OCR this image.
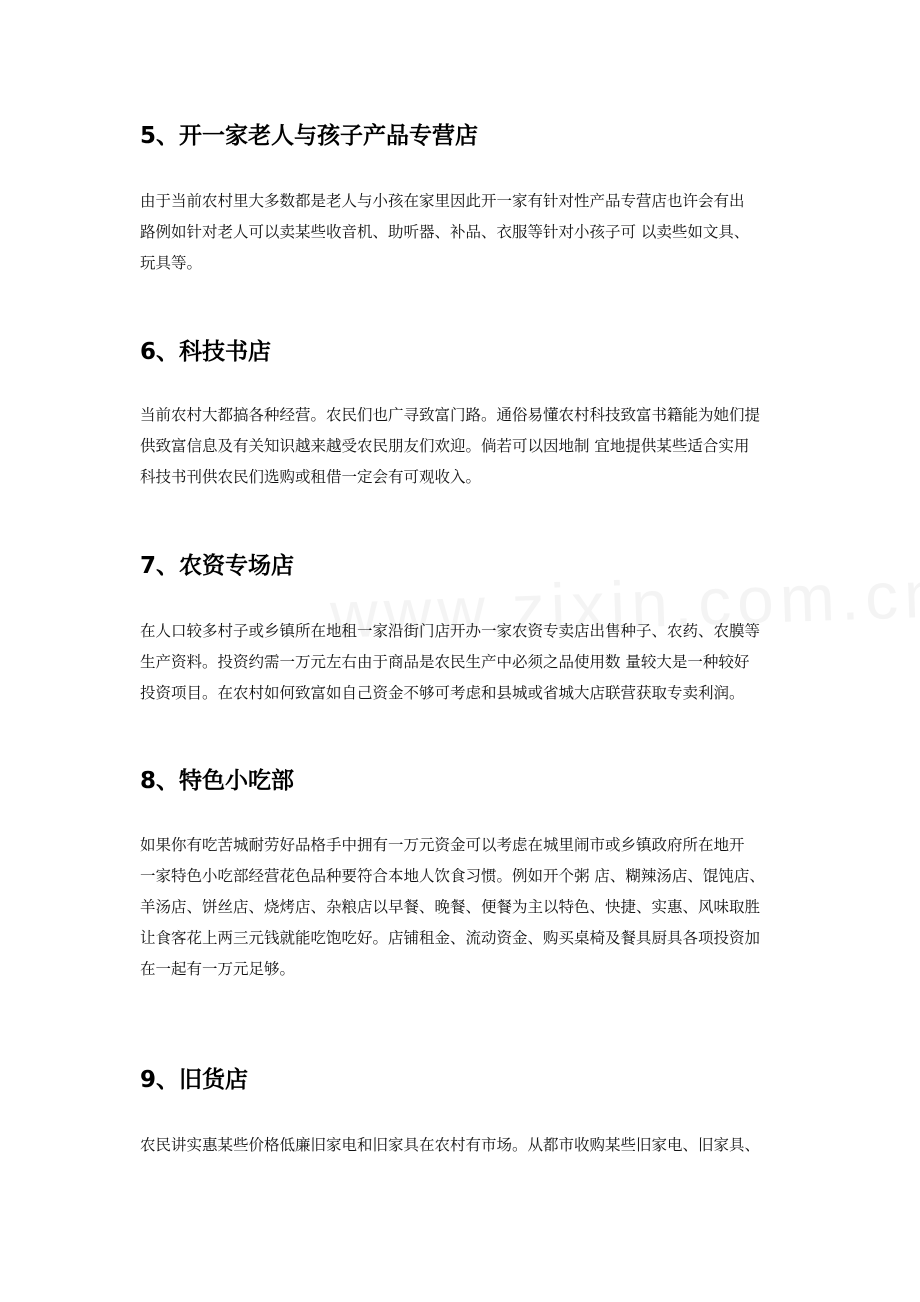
5、开一家老人与孩子产品专营店
由于当前农村里大多数都是老人与小孩在家里因此开一家有针对性产品专营店也许会有出
路例如针对老人可以卖某些收音机、助听器、补品、衣服等针对小孩子可 以卖些如文具、
玩具等。
6、科技书店
当前农村大都搞各种经营。农民们也广寻致富门路。通俗易懂农村科技致富书籍能为她们提
供致富信息及有关知识越来越受农民朋友们欢迎。倘若可以因地制 宜地提供某些适合实用
科技书刊供农民们选购或租借一定会有可观收入。
7、农资专场店
在人口较多村子或乡镇所在地租一家沿街门店开办一家农资专卖店出售种子、农药、农膜等
生产资料。投资约需一万元左右由于商品是农民生产中必须之品使用数 量较大是一种较好
投资项目。在农村如何致富如自己资金不够可考虑和县城或省城大店联营获取专卖利润。
8、特色小吃部
如果你有吃苦城耐劳好品格手中拥有一万元资金可以考虑在城里闹市或乡镇政府所在地开
一家特色小吃部经营花色品种要符合本地人饮食习惯。例如开个粥 店、糊辣汤店、馄饨店、
羊汤店、饼丝店、烧烤店、杂粮店以早餐、晚餐、便餐为主以特色、快捷、实惠、风味取胜
让食客花上两三元钱就能吃饱吃好。店铺租金、流动资金、购买桌椅及餐具厨具各项投资加
在一起有一万元足够。
9、旧货店
农民讲实惠某些价格低廉旧家电和旧家具在农村有市场。从都市收购某些旧家电、旧家具、
